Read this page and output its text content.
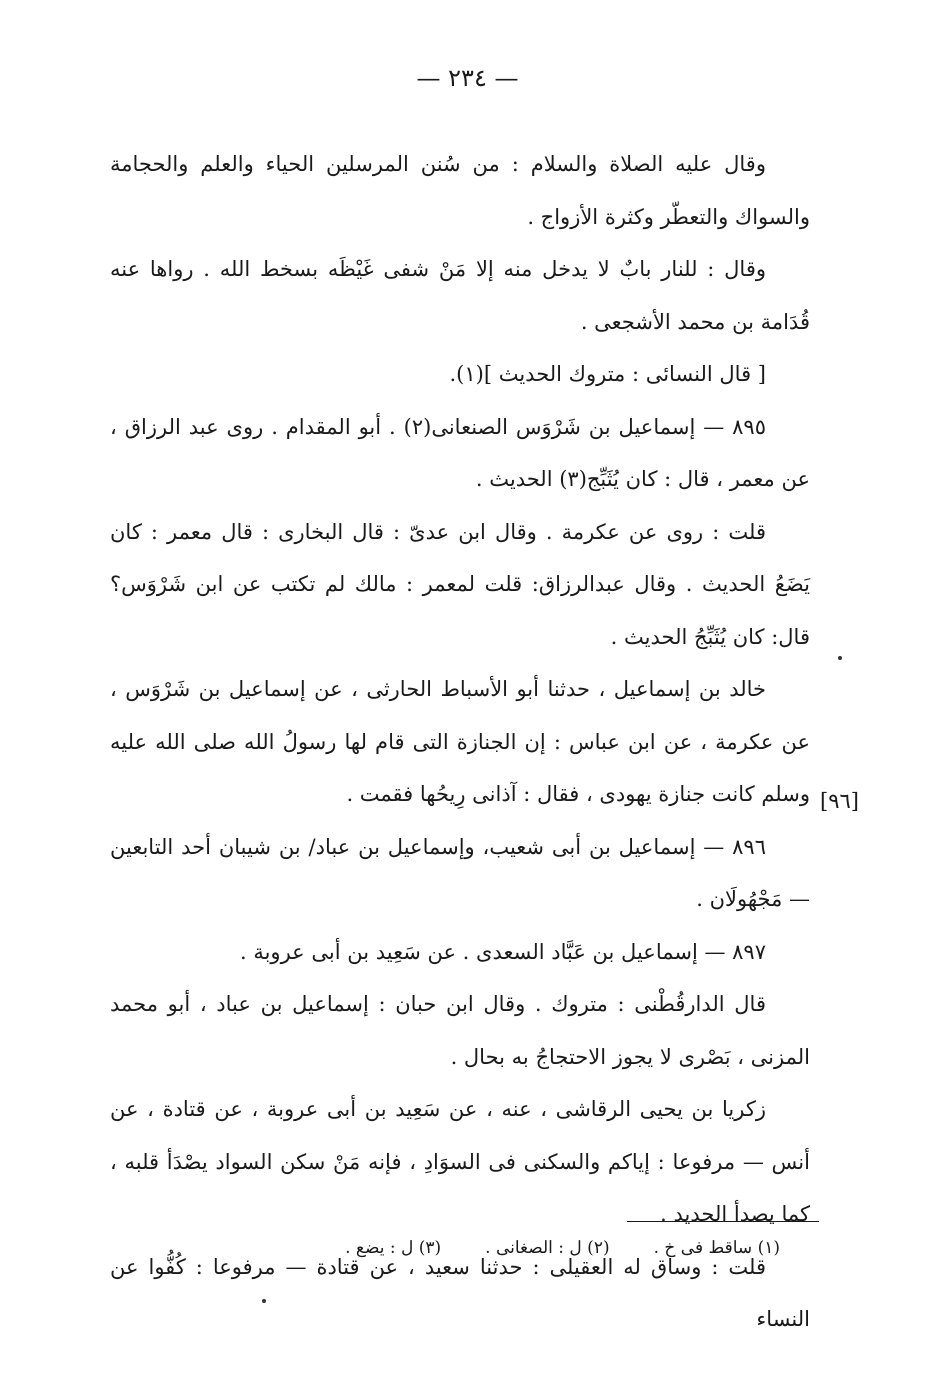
— ٢٣٤ —

وقال عليه الصلاة والسلام : من سُنن المرسلين الحياء والعلم والحجامة والسواك والتعطّر وكثرة الأزواج .

وقال : للنار بابٌ لا يدخل منه إلا مَنْ شفى غَيْظَه بسخط الله . رواها عنه قُدَامة بن محمد الأشجعى .

[ قال النسائى : متروك الحديث ](١).

٨٩٥ — إسماعيل بن شَرْوَس الصنعانى(٢) . أبو المقدام . روى عبد الرزاق ، عن معمر ، قال : كان يُثَبِّج(٣) الحديث .

قلت : روى عن عكرمة . وقال ابن عدىّ : قال البخارى : قال معمر : كان يَضَعُ الحديث . وقال عبدالرزاق: قلت لمعمر : مالك لم تكتب عن ابن شَرْوَس؟ قال: كان يُثَبِّجُ الحديث .

خالد بن إسماعيل ، حدثنا أبو الأسباط الحارثى ، عن إسماعيل بن شَرْوَس ، عن عكرمة ، عن ابن عباس : إن الجنازة التى قام لها رسولُ الله صلى الله عليه وسلم كانت جنازة يهودى ، فقال : آذانى رِيحُها فقمت .

٨٩٦ — إسماعيل بن أبى شعيب، وإسماعيل بن عباد/ بن شيبان أحد التابعين — مَجْهُولَان .

٨٩٧ — إسماعيل بن عَبَّاد السعدى . عن سَعِيد بن أبى عروبة .

قال الدارقُطْنى : متروك . وقال ابن حبان : إسماعيل بن عباد ، أبو محمد المزنى ، بَصْرى لا يجوز الاحتجاجُ به بحال .

زكريا بن يحيى الرقاشى ، عنه ، عن سَعِيد بن أبى عروبة ، عن قتادة ، عن أنس — مرفوعا : إياكم والسكنى فى السوَادِ ، فإنه مَنْ سكن السواد يصْدَأ قلبه ، كما يصدأ الحديد .

قلت : وساق له العقيلى : حدثنا سعيد ، عن قتادة — مرفوعا : كُفُّوا عن النساء

[٩٦]
(١) ساقط فى خ .
(٢) ل : الصغانى .
(٣) ل : يضع .
